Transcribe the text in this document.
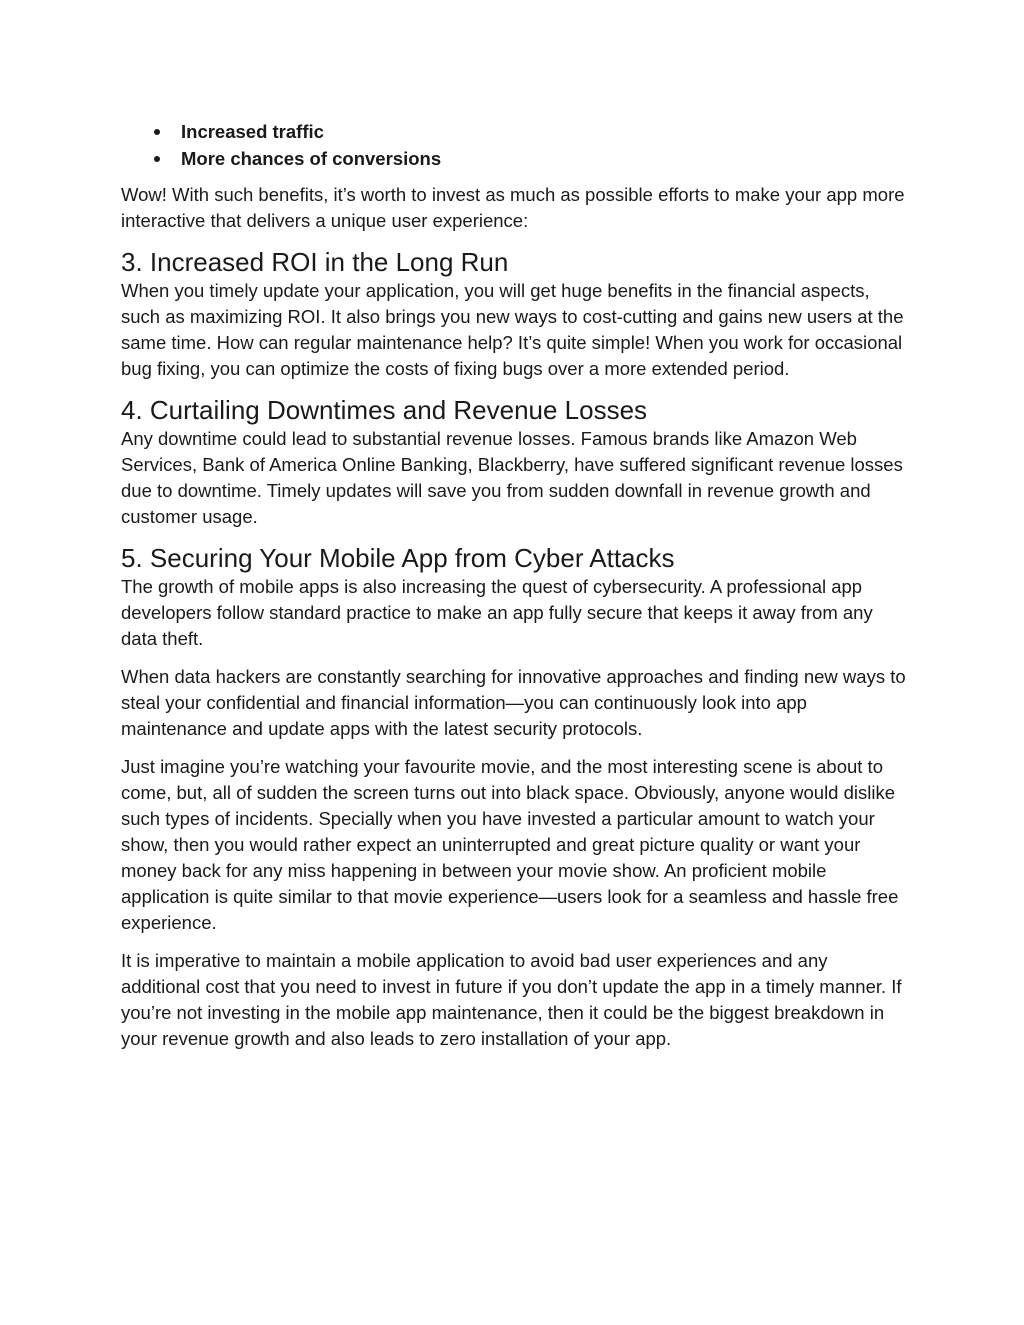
Increased traffic
More chances of conversions

Wow! With such benefits, it’s worth to invest as much as possible efforts to make your app more interactive that delivers a unique user experience:

3. Increased ROI in the Long Run

When you timely update your application, you will get huge benefits in the financial aspects, such as maximizing ROI. It also brings you new ways to cost-cutting and gains new users at the same time. How can regular maintenance help? It’s quite simple! When you work for occasional bug fixing, you can optimize the costs of fixing bugs over a more extended period.

4. Curtailing Downtimes and Revenue Losses

Any downtime could lead to substantial revenue losses. Famous brands like Amazon Web Services, Bank of America Online Banking, Blackberry, have suffered significant revenue losses due to downtime. Timely updates will save you from sudden downfall in revenue growth and customer usage.

5. Securing Your Mobile App from Cyber Attacks

The growth of mobile apps is also increasing the quest of cybersecurity. A professional app developers follow standard practice to make an app fully secure that keeps it away from any data theft.

When data hackers are constantly searching for innovative approaches and finding new ways to steal your confidential and financial information—you can continuously look into app maintenance and update apps with the latest security protocols.

Just imagine you’re watching your favourite movie, and the most interesting scene is about to come, but, all of sudden the screen turns out into black space. Obviously, anyone would dislike such types of incidents. Specially when you have invested a particular amount to watch your show, then you would rather expect an uninterrupted and great picture quality or want your money back for any miss happening in between your movie show. An proficient mobile application is quite similar to that movie experience—users look for a seamless and hassle free experience.

It is imperative to maintain a mobile application to avoid bad user experiences and any additional cost that you need to invest in future if you don’t update the app in a timely manner. If you’re not investing in the mobile app maintenance, then it could be the biggest breakdown in your revenue growth and also leads to zero installation of your app.
